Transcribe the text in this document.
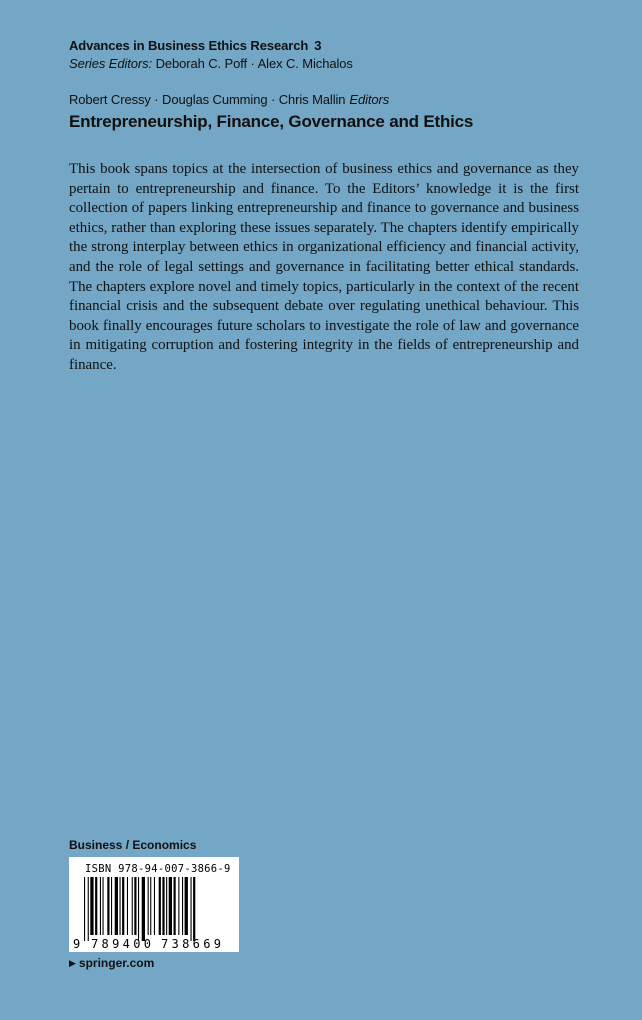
Advances in Business Ethics Research 3
Series Editors: Deborah C. Poff · Alex C. Michalos
Robert Cressy · Douglas Cumming · Chris Mallin Editors
Entrepreneurship, Finance, Governance and Ethics
This book spans topics at the intersection of business ethics and governance as they pertain to entrepreneurship and finance. To the Editors’ knowledge it is the first collection of papers linking entrepreneurship and finance to governance and business ethics, rather than exploring these issues separately. The chapters identify empirically the strong interplay between ethics in organizational efficiency and financial activity, and the role of legal settings and governance in facilitating better ethical standards. The chapters explore novel and timely topics, particularly in the context of the recent financial crisis and the subsequent debate over regulating unethical behaviour. This book finally encourages future scholars to investigate the role of law and governance in mitigating corruption and fostering integrity in the fields of entrepreneurship and finance.
Business / Economics
ISBN 978-94-007-3866-9
9 789400 738669
▶ springer.com
